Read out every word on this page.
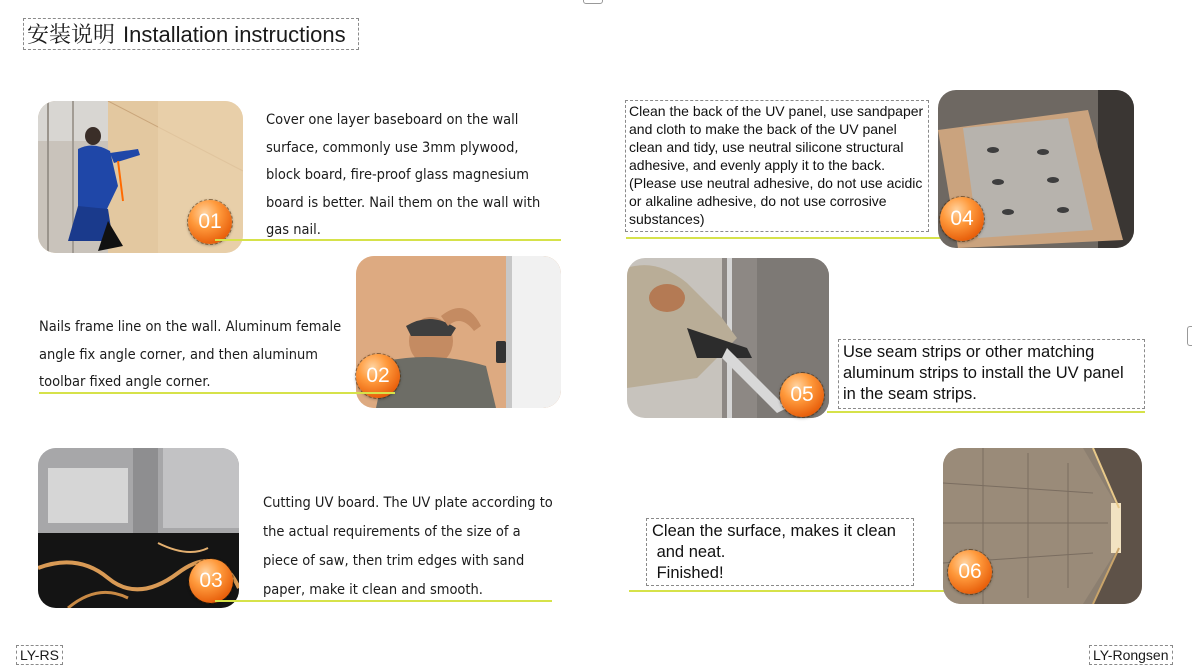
安装说明 Installation instructions
01
Cover one layer baseboard on the wall surface, commonly use 3mm plywood, block board, fire-proof glass magnesium board is better. Nail them on the wall with gas nail.
02
Nails frame line on the wall. Aluminum female angle fix angle corner, and then aluminum toolbar fixed angle corner.
03
Cutting UV board. The UV plate according to the actual requirements of the size of a piece of saw, then trim edges with sand paper, make it clean and smooth.
Clean the back of the UV panel, use sandpaper and cloth to make the back of the UV panel clean and tidy, use neutral silicone structural adhesive, and evenly apply it to the back. (Please use neutral adhesive, do not use acidic or alkaline adhesive, do not use corrosive substances)	04
05
Use seam strips or other matching aluminum strips to install the UV panel in the seam strips.
Clean the surface, makes it clean
and neat.
Finished!	06
LY-RS	LY-Rongsen
